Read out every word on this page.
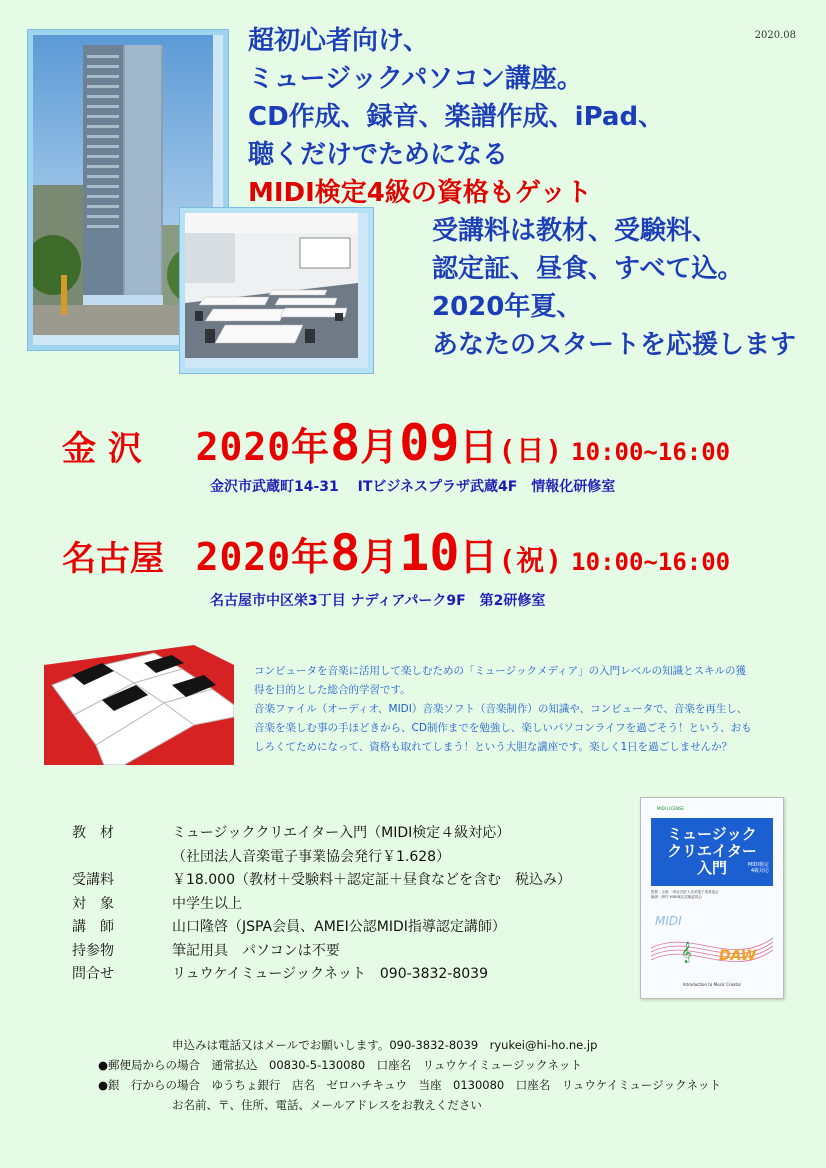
2020.08
超初心者向け、
ミュージックパソコン講座。
CD作成、録音、楽譜作成、iPad、
聴くだけでためになる
MIDI検定4級の資格もゲット
受講料は教材、受験料、
認定証、昼食、すべて込。
2020年夏、
あなたのスタートを応援します
金 沢 2020年8月09日(日) 10:00~16:00
金沢市武蔵町14-31　 ITビジネスプラザ武蔵4F　情報化研修室
名古屋 2020年8月10日(祝) 10:00~16:00
名古屋市中区栄3丁目 ナディアパーク9F　第2研修室
コンピュータを音楽に活用して楽しむための「ミュージックメディア」の入門レベルの知識とスキルの獲
得を目的とした総合的学習です。
音楽ファイル（オーディオ、MIDI）音楽ソフト（音楽制作）の知識や、コンピュータで、音楽を再生し、
音楽を楽しむ事の手ほどきから、CD制作までを勉強し、楽しいパソコンライフを過ごそう！という、おも
しろくてためになって、資格も取れてしまう！という大胆な講座です。楽しく1日を過ごしませんか？
教　材	ミュージッククリエイター入門（MIDI検定４級対応）
	（社団法人音楽電子事業協会発行￥1.628）
受講料	￥18.000（教材＋受験料＋認定証＋昼食などを含む　税込み）
対　象	中学生以上
講　師	山口隆啓（JSPA会員、AMEI公認MIDI指導認定講師）
持参物	筆記用具　パソコンは不要
問合せ	リュウケイミュージックネット　090-3832-8039
MIDI LICENSE
ミュージック
クリエイター
入門	MIDI検定
4級対応
監修・企画 一般社団法人音楽電子事業協会
編著・制作 MIDI検定試験委員会
MIDI
𝄞 DAW
Introduction to Music Creator
申込みは電話又はメールでお願いします。090-3832-8039　ryukei@hi-ho.ne.jp
●郵便局からの場合　通常払込　00830-5-130080　口座名　リュウケイミュージックネット
●銀　行からの場合　ゆうちょ銀行　店名　ゼロハチキュウ　当座　0130080　口座名　リュウケイミュージックネット
お名前、〒、住所、電話、メールアドレスをお教えください
